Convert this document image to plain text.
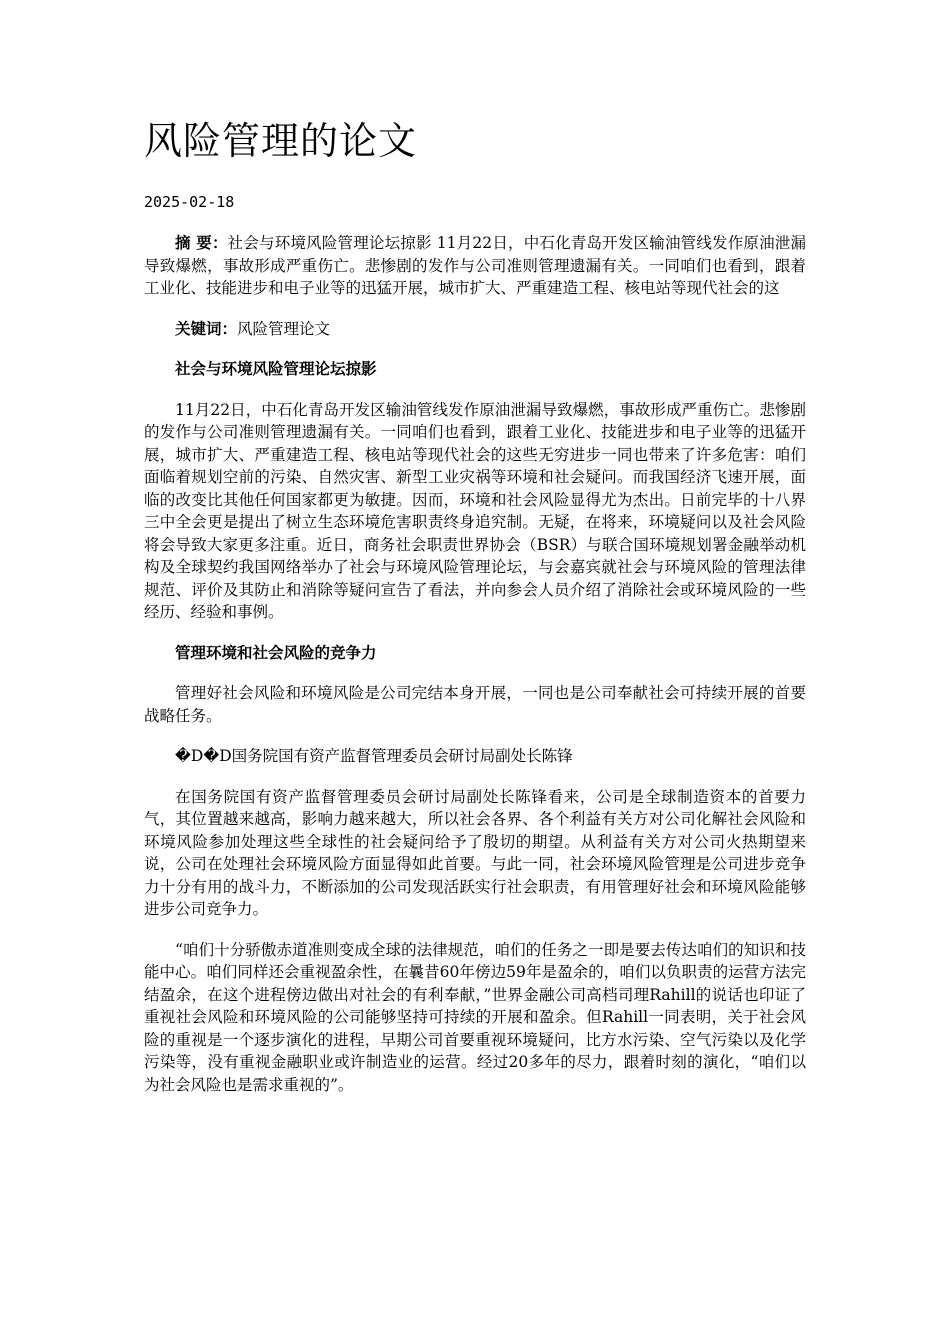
风险管理的论文
2025-02-18

摘 要：社会与环境风险管理论坛掠影 11月22日，中石化青岛开发区输油管线发作原油泄漏导致爆燃，事故形成严重伤亡。悲惨剧的发作与公司准则管理遗漏有关。一同咱们也看到，跟着工业化、技能进步和电子业等的迅猛开展，城市扩大、严重建造工程、核电站等现代社会的这

关键词：风险管理论文

社会与环境风险管理论坛掠影

11月22日，中石化青岛开发区输油管线发作原油泄漏导致爆燃，事故形成严重伤亡。悲惨剧的发作与公司准则管理遗漏有关。一同咱们也看到，跟着工业化、技能进步和电子业等的迅猛开展，城市扩大、严重建造工程、核电站等现代社会的这些无穷进步一同也带来了许多危害：咱们面临着规划空前的污染、自然灾害、新型工业灾祸等环境和社会疑问。而我国经济飞速开展，面临的改变比其他任何国家都更为敏捷。因而，环境和社会风险显得尤为杰出。日前完毕的十八界三中全会更是提出了树立生态环境危害职责终身追究制。无疑，在将来，环境疑问以及社会风险将会导致大家更多注重。近日，商务社会职责世界协会（BSR）与联合国环境规划署金融举动机构及全球契约我国网络举办了社会与环境风险管理论坛，与会嘉宾就社会与环境风险的管理法律规范、评价及其防止和消除等疑问宣告了看法，并向参会人员介绍了消除社会或环境风险的一些经历、经验和事例。

管理环境和社会风险的竞争力

管理好社会风险和环境风险是公司完结本身开展，一同也是公司奉献社会可持续开展的首要战略任务。

�D�D国务院国有资产监督管理委员会研讨局副处长陈锋

在国务院国有资产监督管理委员会研讨局副处长陈锋看来，公司是全球制造资本的首要力气，其位置越来越高，影响力越来越大，所以社会各界、各个利益有关方对公司化解社会风险和环境风险参加处理这些全球性的社会疑问给予了殷切的期望。从利益有关方对公司火热期望来说，公司在处理社会环境风险方面显得如此首要。与此一同，社会环境风险管理是公司进步竞争力十分有用的战斗力，不断添加的公司发现活跃实行社会职责，有用管理好社会和环境风险能够进步公司竞争力。

“咱们十分骄傲赤道准则变成全球的法律规范，咱们的任务之一即是要去传达咱们的知识和技能中心。咱们同样还会重视盈余性，在曩昔60年傍边59年是盈余的，咱们以负职责的运营方法完结盈余，在这个进程傍边做出对社会的有利奉献，”世界金融公司高档司理Rahill的说话也印证了重视社会风险和环境风险的公司能够坚持可持续的开展和盈余。但Rahill一同表明，关于社会风险的重视是一个逐步演化的进程，早期公司首要重视环境疑问，比方水污染、空气污染以及化学污染等，没有重视金融职业或许制造业的运营。经过20多年的尽力，跟着时刻的演化，“咱们以为社会风险也是需求重视的”。
